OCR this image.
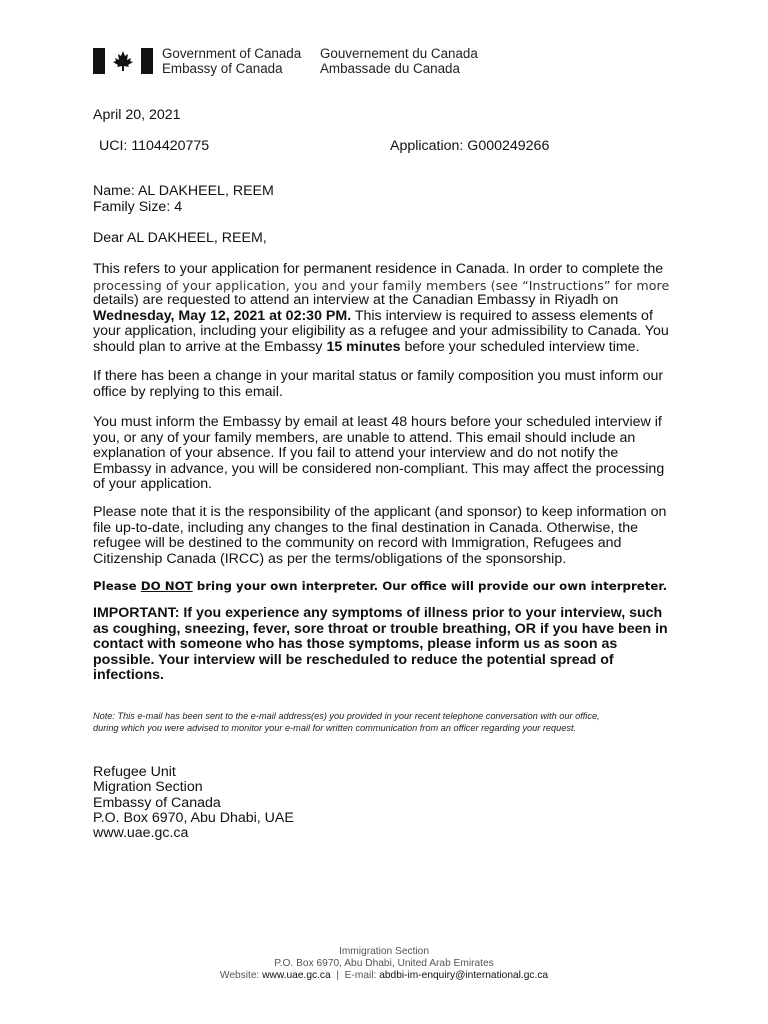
Government of Canada
Embassy of Canada
Gouvernement du Canada
Ambassade du Canada
April 20, 2021
UCI: 1104420775	Application: G000249266
Name: AL DAKHEEL, REEM
Family Size: 4
Dear AL DAKHEEL, REEM,
This refers to your application for permanent residence in Canada. In order to complete the
processing of your application, you and your family members (see “Instructions” for more
details) are requested to attend an interview at the Canadian Embassy in Riyadh on
Wednesday, May 12, 2021 at 02:30 PM. This interview is required to assess elements of
your application, including your eligibility as a refugee and your admissibility to Canada. You
should plan to arrive at the Embassy 15 minutes before your scheduled interview time.
If there has been a change in your marital status or family composition you must inform our
office by replying to this email.
You must inform the Embassy by email at least 48 hours before your scheduled interview if
you, or any of your family members, are unable to attend. This email should include an
explanation of your absence. If you fail to attend your interview and do not notify the
Embassy in advance, you will be considered non-compliant. This may affect the processing
of your application.
Please note that it is the responsibility of the applicant (and sponsor) to keep information on
file up-to-date, including any changes to the final destination in Canada. Otherwise, the
refugee will be destined to the community on record with Immigration, Refugees and
Citizenship Canada (IRCC) as per the terms/obligations of the sponsorship.
Please DO NOT bring your own interpreter. Our office will provide our own interpreter.
IMPORTANT: If you experience any symptoms of illness prior to your interview, such
as coughing, sneezing, fever, sore throat or trouble breathing, OR if you have been in
contact with someone who has those symptoms, please inform us as soon as
possible. Your interview will be rescheduled to reduce the potential spread of
infections.
Note: This e-mail has been sent to the e-mail address(es) you provided in your recent telephone conversation with our office,
during which you were advised to monitor your e-mail for written communication from an officer regarding your request.
Refugee Unit
Migration Section
Embassy of Canada
P.O. Box 6970, Abu Dhabi, UAE
www.uae.gc.ca
Immigration Section
P.O. Box 6970, Abu Dhabi, United Arab Emirates
Website: www.uae.gc.ca  |  E-mail: abdbi-im-enquiry@international.gc.ca
